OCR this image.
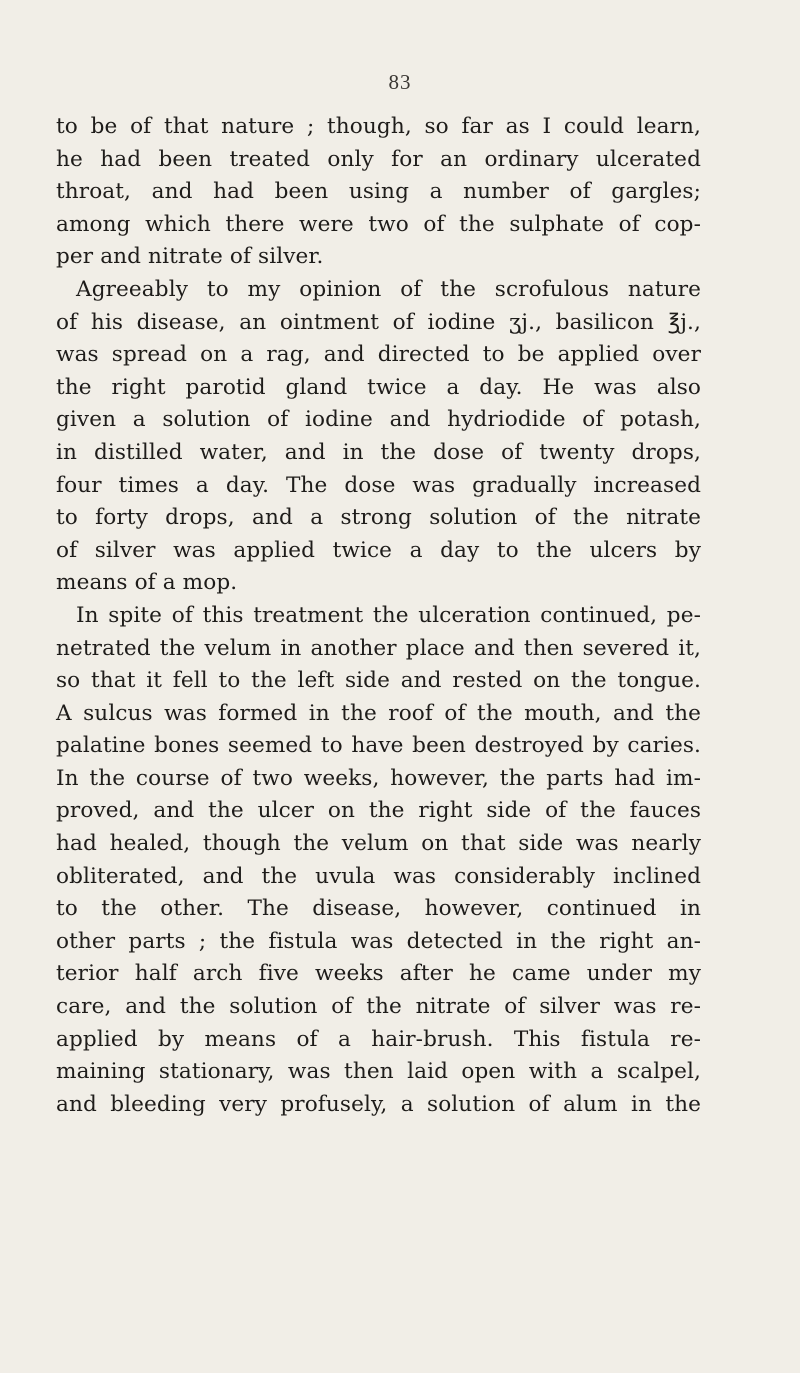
83
to be of that nature ; though, so far as I could learn,
he had been treated only for an ordinary ulcerated
throat, and had been using a number of gargles;
among which there were two of the sulphate of cop-
per and nitrate of silver.
Agreeably to my opinion of the scrofulous nature
of his disease, an ointment of iodine ʒj., basilicon ℥j.,
was spread on a rag, and directed to be applied over
the right parotid gland twice a day. He was also
given a solution of iodine and hydriodide of potash,
in distilled water, and in the dose of twenty drops,
four times a day. The dose was gradually increased
to forty drops, and a strong solution of the nitrate
of silver was applied twice a day to the ulcers by
means of a mop.
In spite of this treatment the ulceration continued, pe-
netrated the velum in another place and then severed it,
so that it fell to the left side and rested on the tongue.
A sulcus was formed in the roof of the mouth, and the
palatine bones seemed to have been destroyed by caries.
In the course of two weeks, however, the parts had im-
proved, and the ulcer on the right side of the fauces
had healed, though the velum on that side was nearly
obliterated, and the uvula was considerably inclined
to the other. The disease, however, continued in
other parts ; the fistula was detected in the right an-
terior half arch five weeks after he came under my
care, and the solution of the nitrate of silver was re-
applied by means of a hair-brush. This fistula re-
maining stationary, was then laid open with a scalpel,
and bleeding very profusely, a solution of alum in the
